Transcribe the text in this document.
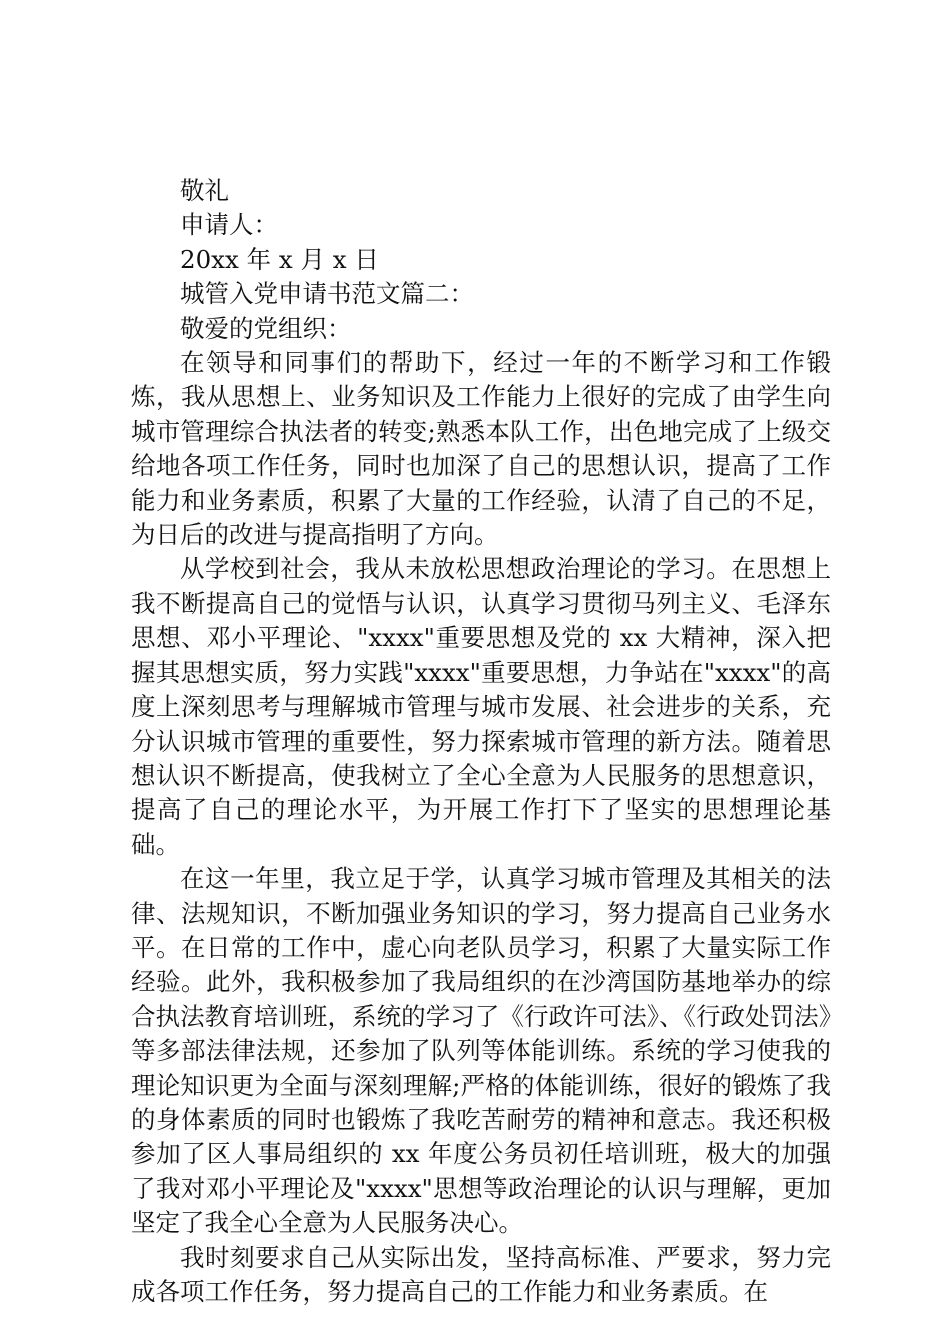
敬礼
申请人：
20xx 年 x 月 x 日
城管入党申请书范文篇二：
敬爱的党组织：

在领导和同事们的帮助下，经过一年的不断学习和工作锻炼，我从思想上、业务知识及工作能力上很好的完成了由学生向城市管理综合执法者的转变;熟悉本队工作，出色地完成了上级交给地各项工作任务，同时也加深了自己的思想认识，提高了工作能力和业务素质，积累了大量的工作经验，认清了自己的不足，为日后的改进与提高指明了方向。

从学校到社会，我从未放松思想政治理论的学习。在思想上我不断提高自己的觉悟与认识，认真学习贯彻马列主义、毛泽东思想、邓小平理论、"xxxx"重要思想及党的 xx 大精神，深入把握其思想实质，努力实践"xxxx"重要思想，力争站在"xxxx"的高度上深刻思考与理解城市管理与城市发展、社会进步的关系，充分认识城市管理的重要性，努力探索城市管理的新方法。随着思想认识不断提高，使我树立了全心全意为人民服务的思想意识，提高了自己的理论水平，为开展工作打下了坚实的思想理论基础。

在这一年里，我立足于学，认真学习城市管理及其相关的法律、法规知识，不断加强业务知识的学习，努力提高自己业务水平。在日常的工作中，虚心向老队员学习，积累了大量实际工作经验。此外，我积极参加了我局组织的在沙湾国防基地举办的综合执法教育培训班，系统的学习了《行政许可法》、《行政处罚法》等多部法律法规，还参加了队列等体能训练。系统的学习使我的理论知识更为全面与深刻理解;严格的体能训练，很好的锻炼了我的身体素质的同时也锻炼了我吃苦耐劳的精神和意志。我还积极参加了区人事局组织的 xx 年度公务员初任培训班，极大的加强了我对邓小平理论及"xxxx"思想等政治理论的认识与理解，更加坚定了我全心全意为人民服务决心。

我时刻要求自己从实际出发，坚持高标准、严要求，努力完成各项工作任务，努力提高自己的工作能力和业务素质。在
